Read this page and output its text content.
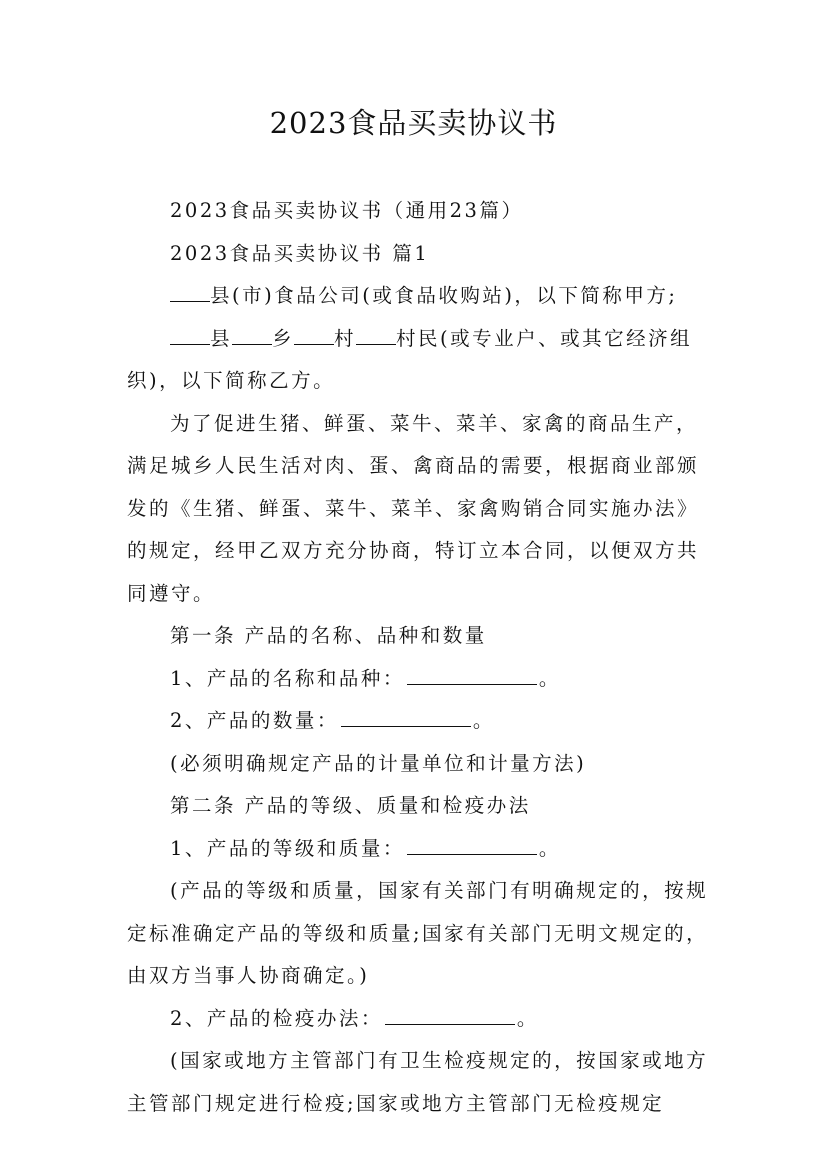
2023食品买卖协议书

2023食品买卖协议书（通用23篇）

2023食品买卖协议书 篇1

县(市)食品公司(或食品收购站)，以下简称甲方;

县 乡 村 村民(或专业户、或其它经济组织)，以下简称乙方。

为了促进生猪、鲜蛋、菜牛、菜羊、家禽的商品生产，满足城乡人民生活对肉、蛋、禽商品的需要，根据商业部颁发的《生猪、鲜蛋、菜牛、菜羊、家禽购销合同实施办法》的规定，经甲乙双方充分协商，特订立本合同，以便双方共同遵守。

第一条 产品的名称、品种和数量

1、产品的名称和品种：	。

2、产品的数量：	。

(必须明确规定产品的计量单位和计量方法)

第二条 产品的等级、质量和检疫办法

1、产品的等级和质量：	。

(产品的等级和质量，国家有关部门有明确规定的，按规定标准确定产品的等级和质量;国家有关部门无明文规定的，由双方当事人协商确定。)

2、产品的检疫办法：	。

(国家或地方主管部门有卫生检疫规定的，按国家或地方主管部门规定进行检疫;国家或地方主管部门无检疫规定
